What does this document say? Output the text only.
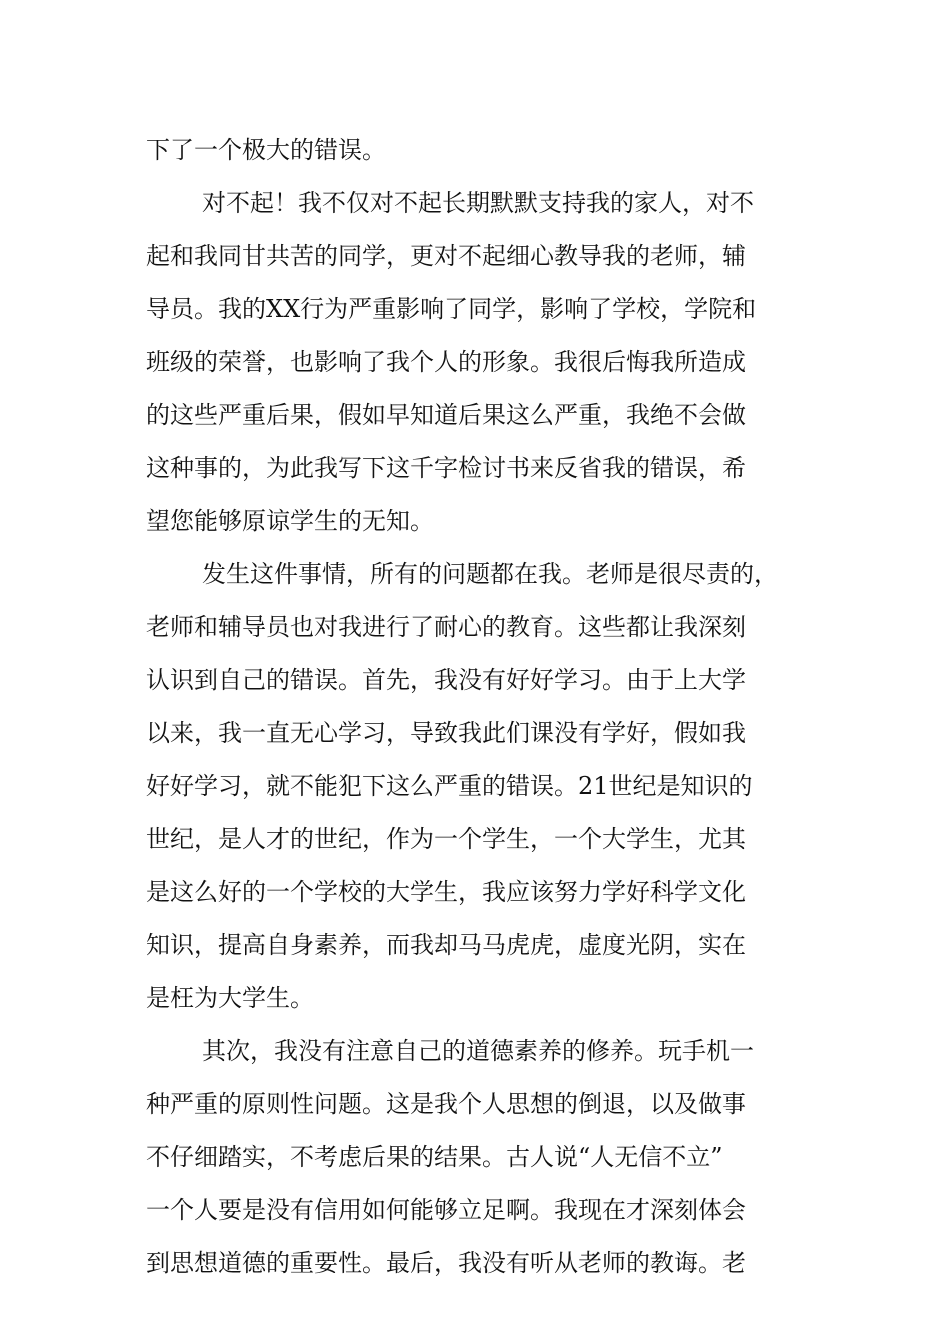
下了一个极大的错误。
对不起！我不仅对不起长期默默支持我的家人，对不
起和我同甘共苦的同学，更对不起细心教导我的老师，辅
导员。我的XX行为严重影响了同学，影响了学校，学院和
班级的荣誉，也影响了我个人的形象。我很后悔我所造成
的这些严重后果，假如早知道后果这么严重，我绝不会做
这种事的，为此我写下这千字检讨书来反省我的错误，希
望您能够原谅学生的无知。
发生这件事情，所有的问题都在我。老师是很尽责的，
老师和辅导员也对我进行了耐心的教育。这些都让我深刻
认识到自己的错误。首先，我没有好好学习。由于上大学
以来，我一直无心学习，导致我此们课没有学好，假如我
好好学习，就不能犯下这么严重的错误。21世纪是知识的
世纪，是人才的世纪，作为一个学生，一个大学生，尤其
是这么好的一个学校的大学生，我应该努力学好科学文化
知识，提高自身素养，而我却马马虎虎，虚度光阴，实在
是枉为大学生。
其次，我没有注意自己的道德素养的修养。玩手机一
种严重的原则性问题。这是我个人思想的倒退，以及做事
不仔细踏实，不考虑后果的结果。古人说“人无信不立”
一个人要是没有信用如何能够立足啊。我现在才深刻体会
到思想道德的重要性。最后，我没有听从老师的教诲。老
